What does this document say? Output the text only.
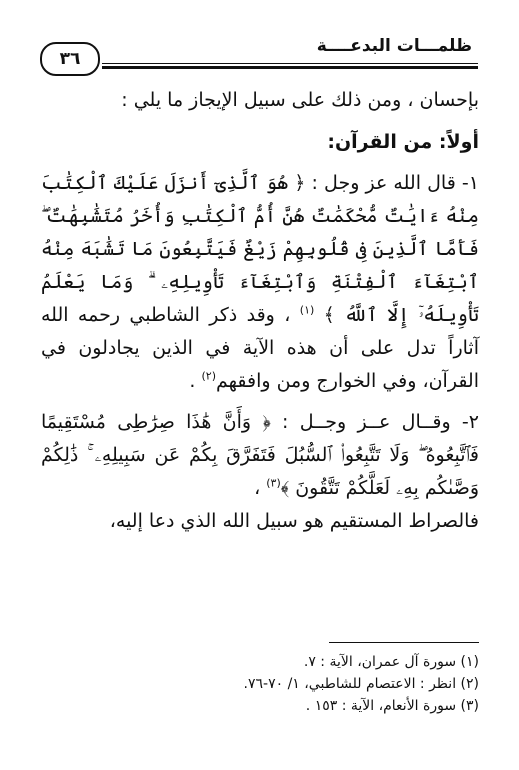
ظلمـــات البدعــــة
٣٦

بإحسان ، ومن ذلك على سبيل الإيجاز ما يلي :

أولاً: من القرآن:

١- قال الله عز وجل : ﴿ هُوَ ٱلَّذِىٓ أَنزَلَ عَلَيْكَ ٱلْكِتَٰبَ مِنْهُ ءَايَٰتٌ مُّحْكَمَٰتٌ هُنَّ أُمُّ ٱلْكِتَٰبِ وَأُخَرُ مُتَشَٰبِهَٰتٌ ۖ فَأَمَّا ٱلَّذِينَ فِى قُلُوبِهِمْ زَيْغٌ فَيَتَّبِعُونَ مَا تَشَٰبَهَ مِنْهُ ٱبْتِغَآءَ ٱلْفِتْنَةِ وَٱبْتِغَآءَ تَأْوِيلِهِۦ ۗ وَمَا يَعْلَمُ تَأْوِيلَهُۥٓ إِلَّا ٱللَّهُ ﴾ $^{(١)}$ ، وقد ذكر الشاطبي رحمه الله آثاراً تدل على أن هذه الآية في الذين يجادلون في القرآن، وفي الخوارج ومن وافقهم$^{(٢)}$ .

٢- وقــال عــز وجــل : ﴿ وَأَنَّ هَٰذَا صِرَٰطِى مُسْتَقِيمًا فَٱتَّبِعُوهُ ۖ وَلَا تَتَّبِعُوا۟ ٱلسُّبُلَ فَتَفَرَّقَ بِكُمْ عَن سَبِيلِهِۦ ۚ ذَٰلِكُمْ وَصَّىٰكُم بِهِۦ لَعَلَّكُمْ تَتَّقُونَ ﴾$^{(٣)}$ ،

فالصراط المستقيم هو سبيل الله الذي دعا إليه،

(١) سورة آل عمران، الآية : ٧.

(٢) انظر : الاعتصام للشاطبي، ١/ ٧٠-٧٦.

(٣) سورة الأنعام، الآية : ١٥٣ .
